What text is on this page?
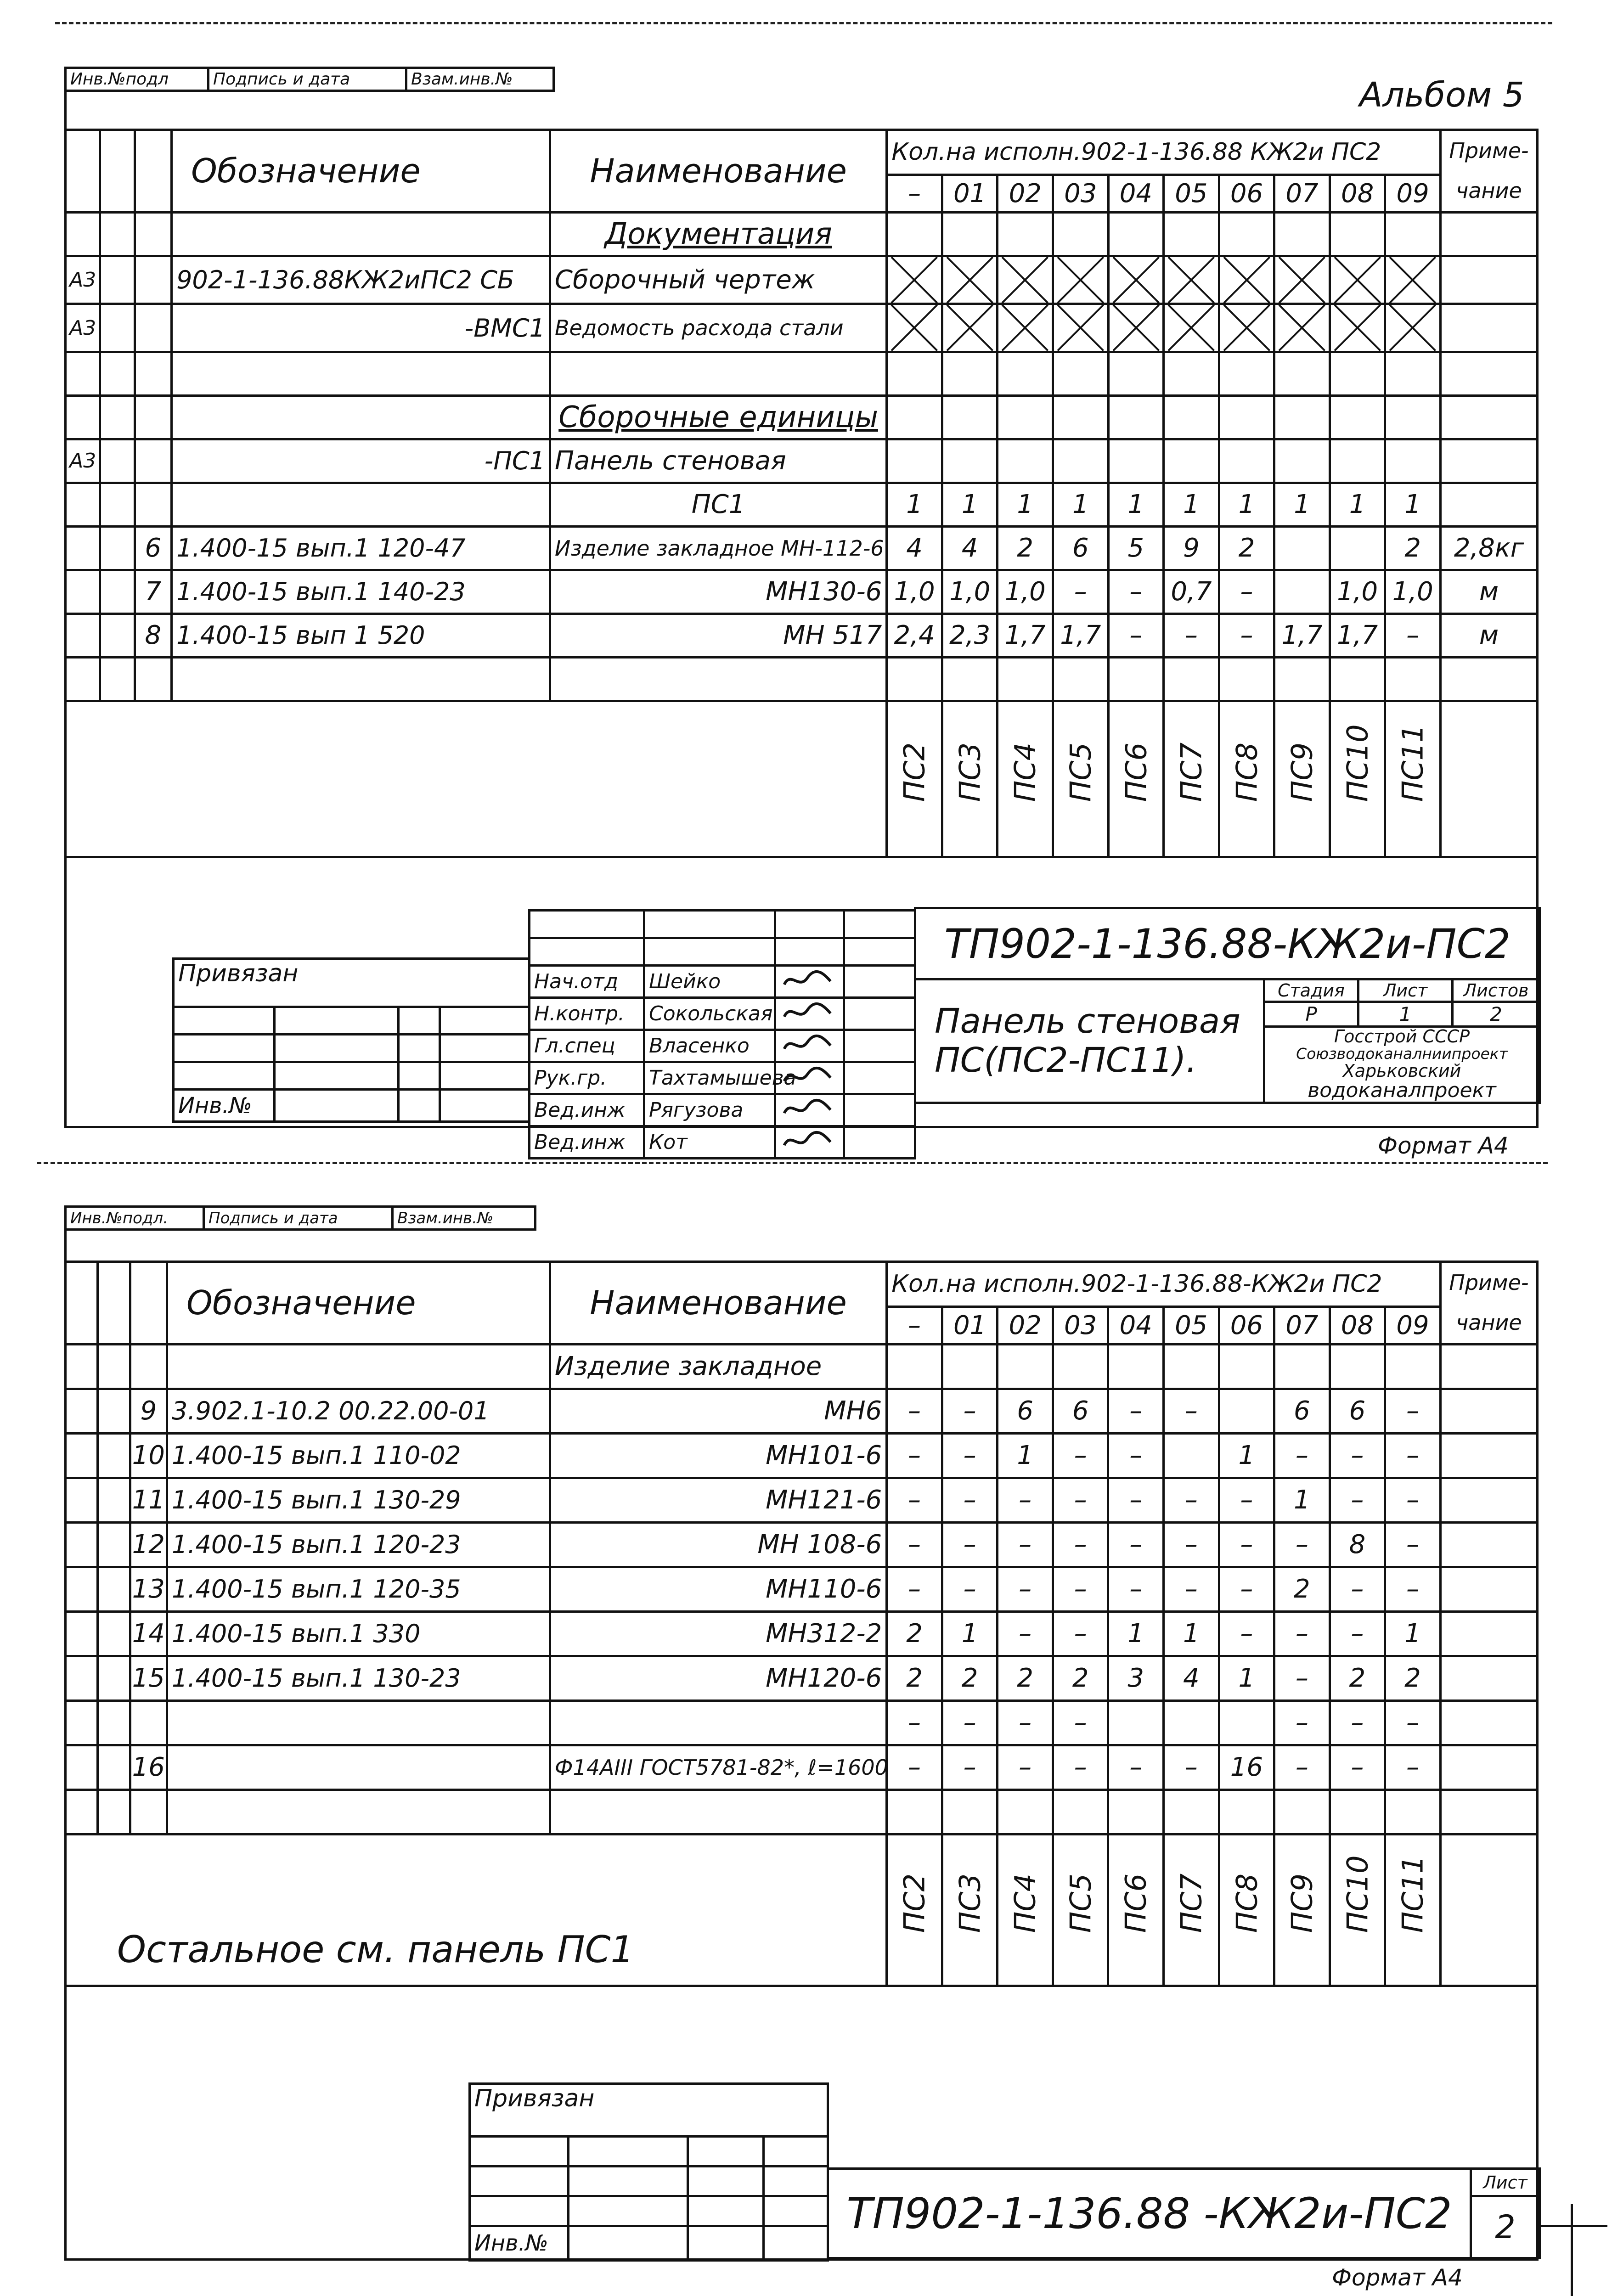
Инв.№подл	Подпись и дата	Взам.инв.№	Альбом 5
			Обозначение	Наименование	Кол.на исполн.902-1-136.88 КЖ2и ПС2										Приме-чание
					–	01	02	03	04	05	06	07	08	09	
				Документация											
А3			902-1-136.88КЖ2иПС2 СБ	Сборочный чертеж	

А3			-ВМС1	Ведомость расхода стали	

				Сборочные единицы											
А3			-ПС1	Панель стеновая											
				ПС1	1	1	1	1	1	1	1	1	1	1	
		6	1.400-15 вып.1 120-47	Изделие закладное МН-112-6	4	4	2	6	5	9	2			2	2,8кг
		7	1.400-15 вып.1 140-23	МН130-6	1,0	1,0	1,0	–	–	0,7	–		1,0	1,0	м
		8	1.400-15 вып 1 520	МН 517	2,4	2,3	1,7	1,7	–	–	–	1,7	1,7	–	м

					ПС2	ПС3	ПС4	ПС5	ПС6	ПС7	ПС8	ПС9	ПС10	ПС11	

Нач.отд	Шейко		
Н.контр.	Сокольская		
Гл.спец	Власенко		
Рук.гр.	Тахтамышева		
Вед.инж	Рягузова		
Вед.инж	Кот		
Привязан			

Инв.№			
ТП902-1-136.88-КЖ2и-ПС2			
Панель стеновая ПС(ПС2-ПС11).	Стадия	Лист	Листов
	Р	1	2

	Госстрой СССР
Союзводоканалниипроект
Харьковский
водоканалпроект		
Формат А4
Инв.№подл.	Подпись и дата	Взам.инв.№
			Обозначение	Наименование	Кол.на исполн.902-1-136.88-КЖ2и ПС2										Приме-чание
					–	01	02	03	04	05	06	07	08	09	
				Изделие закладное											
		9	3.902.1-10.2 00.22.00-01	МН6	–	–	6	6	–	–		6	6	–	
		10	1.400-15 вып.1 110-02	МН101-6	–	–	1	–	–		1	–	–	–	
		11	1.400-15 вып.1 130-29	МН121-6	–	–	–	–	–	–	–	1	–	–	
		12	1.400-15 вып.1 120-23	МН 108-6	–	–	–	–	–	–	–	–	8	–	
		13	1.400-15 вып.1 120-35	МН110-6	–	–	–	–	–	–	–	2	–	–	
		14	1.400-15 вып.1 330	МН312-2	2	1	–	–	1	1	–	–	–	1	
		15	1.400-15 вып.1 130-23	МН120-6	2	2	2	2	3	4	1	–	2	2	
					–	–	–	–				–	–	–	
		16		Ф14АIII ГОСТ5781-82*, ℓ=1600	–	–	–	–	–	–	16	–	–	–	

Остальное см. панель ПС1					ПС2	ПС3	ПС4	ПС5	ПС6	ПС7	ПС8	ПС9	ПС10	ПС11	

Привязан			

Инв.№			
ТП902-1-136.88 -КЖ2и-ПС2	Лист
2
Формат А4
